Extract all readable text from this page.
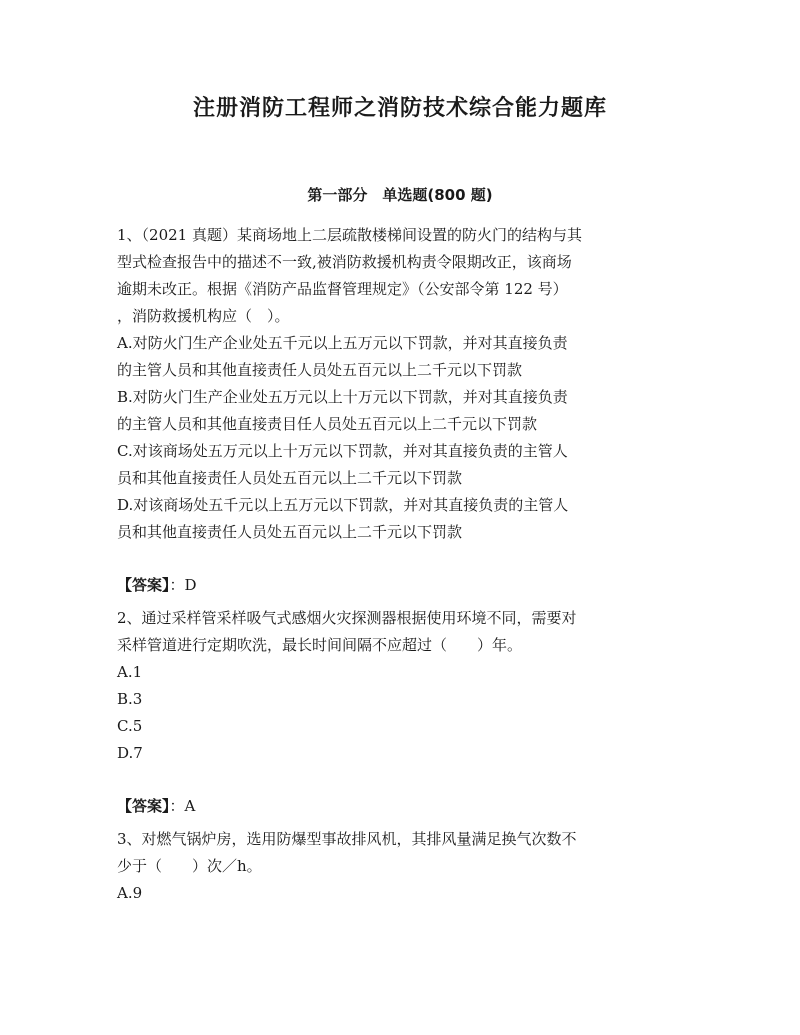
注册消防工程师之消防技术综合能力题库
第一部分　单选题(800 题)
1、（2021 真题）某商场地上二层疏散楼梯间设置的防火门的结构与其
型式检查报告中的描述不一致,被消防救援机构责令限期改正，该商场
逾期未改正。根据《消防产品监督管理规定》（公安部令第 122 号）
，消防救援机构应（　）。
A.对防火门生产企业处五千元以上五万元以下罚款，并对其直接负责
的主管人员和其他直接责任人员处五百元以上二千元以下罚款
B.对防火门生产企业处五万元以上十万元以下罚款，并对其直接负责
的主管人员和其他直接责目任人员处五百元以上二千元以下罚款
C.对该商场处五万元以上十万元以下罚款，并对其直接负责的主管人
员和其他直接责任人员处五百元以上二千元以下罚款
D.对该商场处五千元以上五万元以下罚款，并对其直接负责的主管人
员和其他直接责任人员处五百元以上二千元以下罚款
【答案】：D
2、通过采样管采样吸气式感烟火灾探测器根据使用环境不同，需要对
采样管道进行定期吹洗，最长时间间隔不应超过（　　）年。
A.1
B.3
C.5
D.7
【答案】：A
3、对燃气锅炉房，选用防爆型事故排风机，其排风量满足换气次数不
少于（　　）次／h。
A.9
